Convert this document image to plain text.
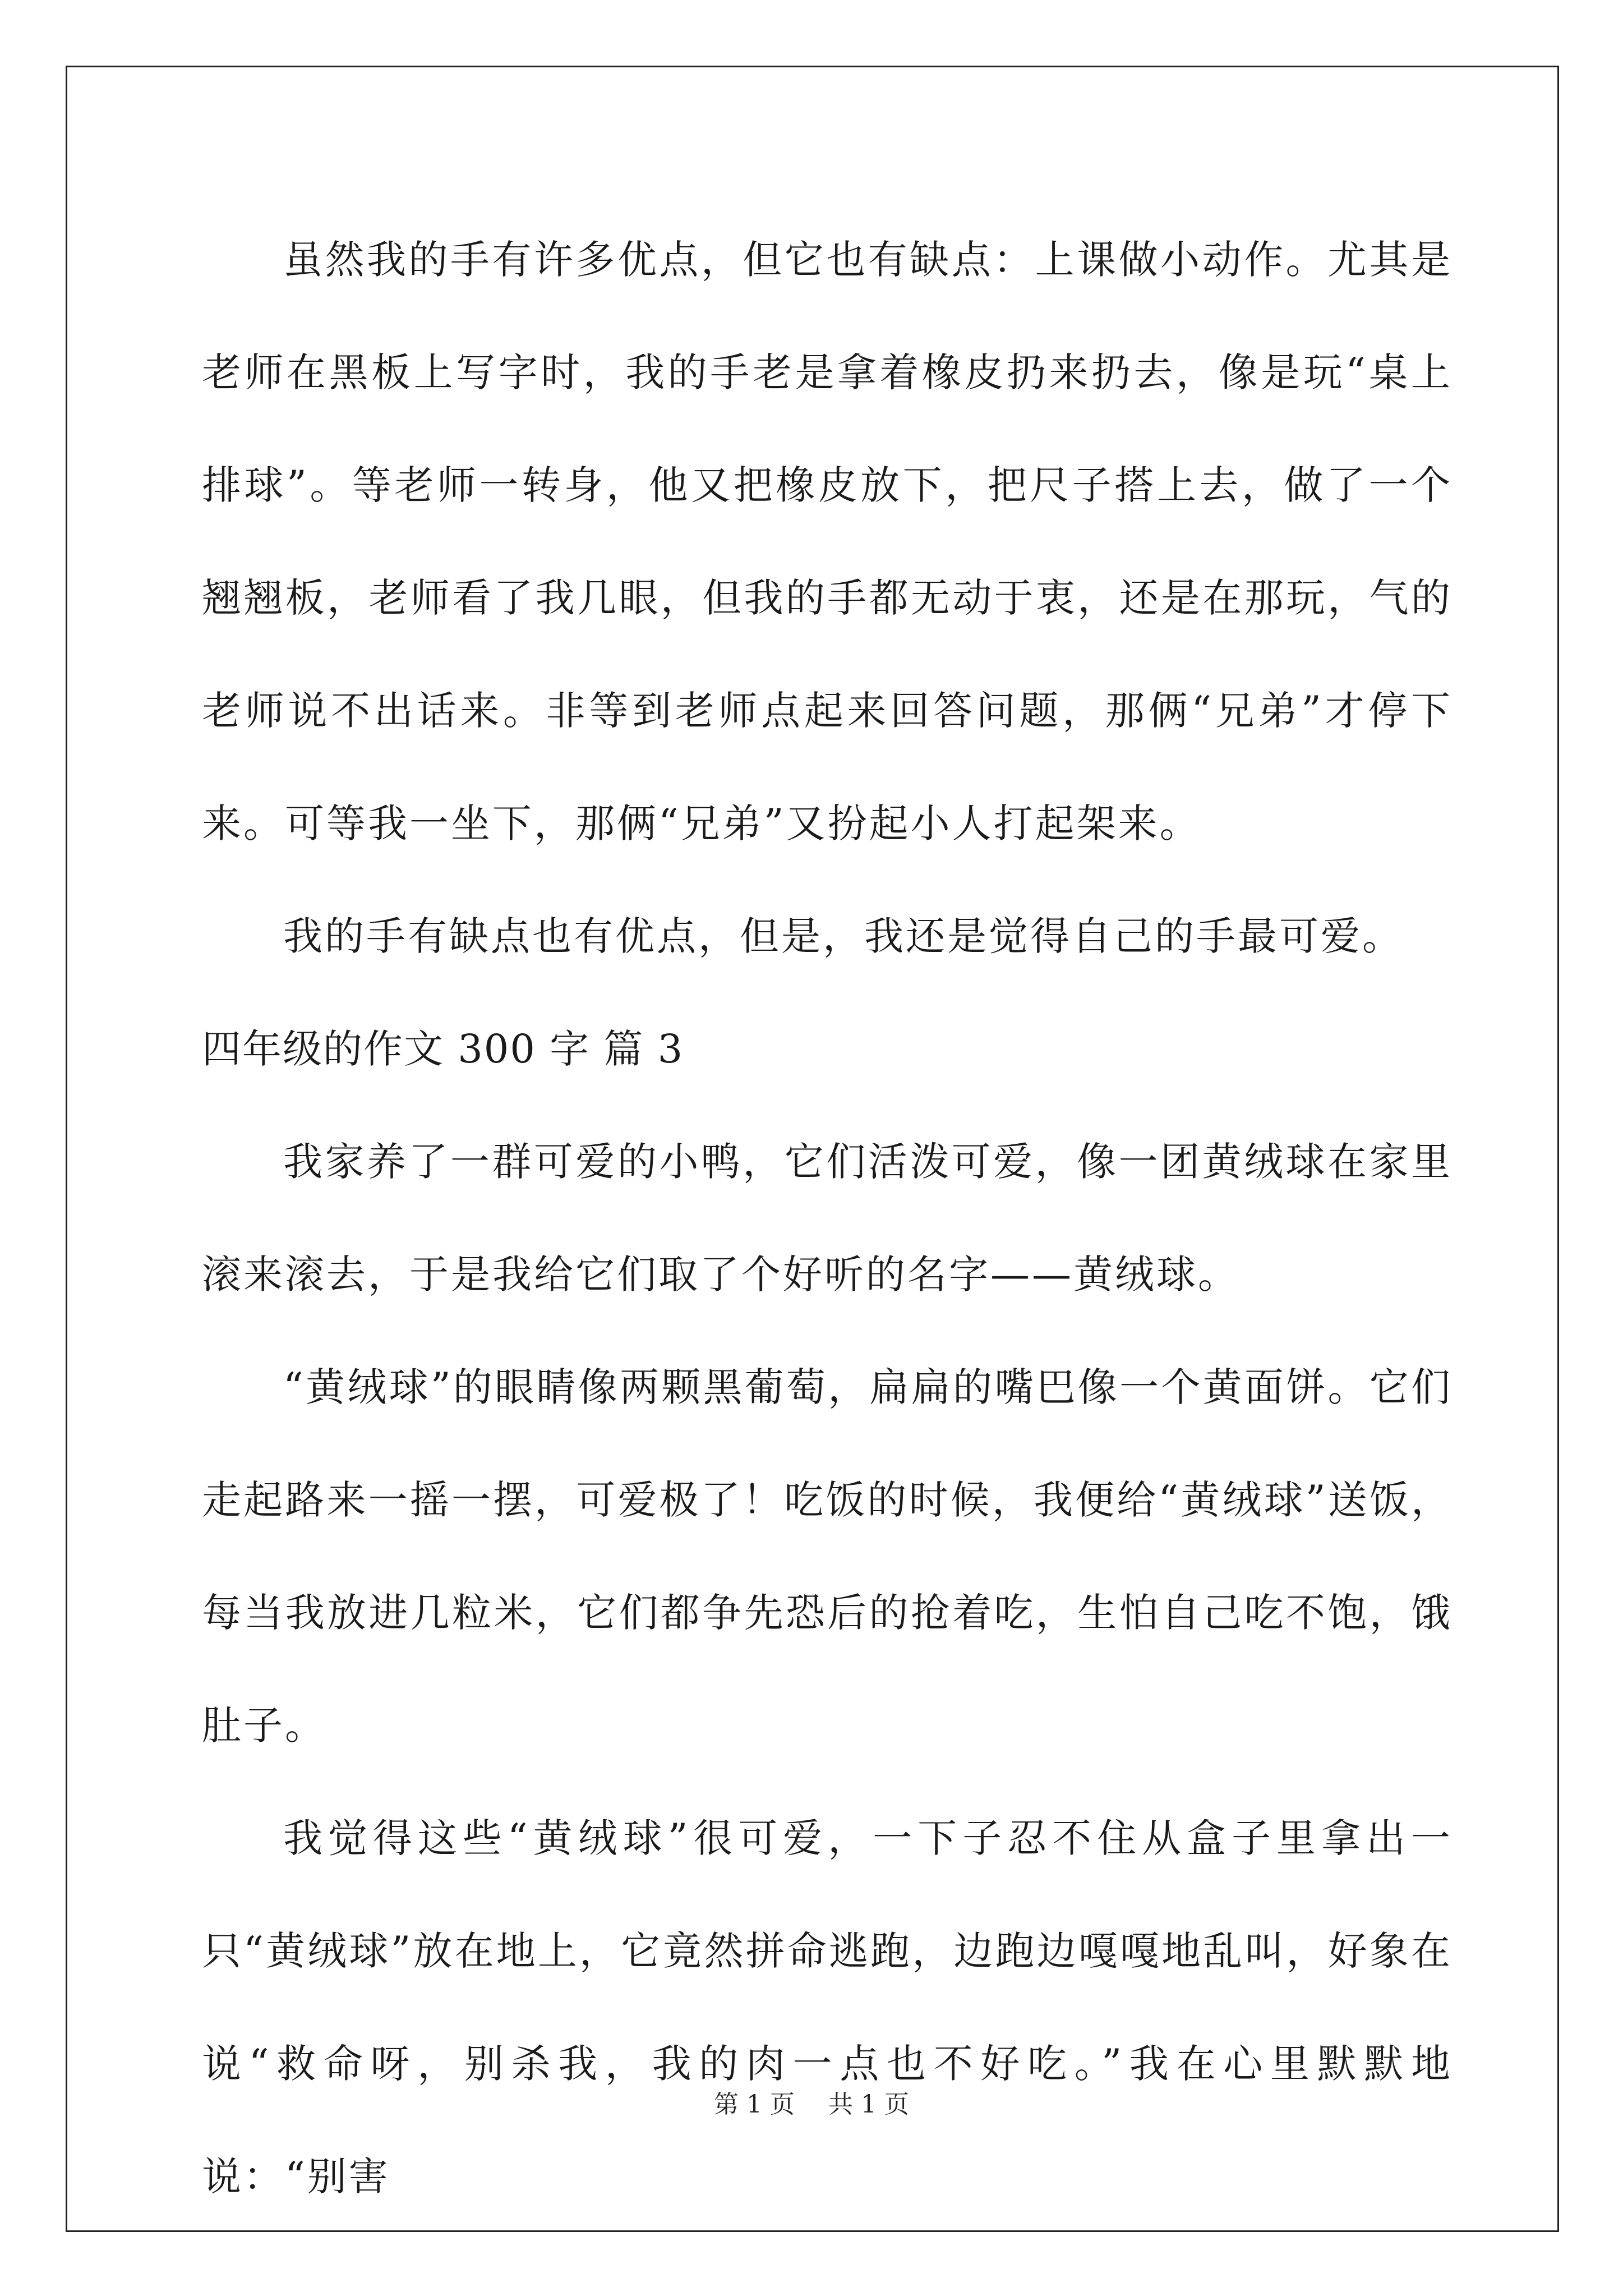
虽然我的手有许多优点，但它也有缺点：上课做小动作。尤其是老师在黑板上写字时，我的手老是拿着橡皮扔来扔去，像是玩“桌上排球”。等老师一转身，他又把橡皮放下，把尺子搭上去，做了一个翘翘板，老师看了我几眼，但我的手都无动于衷，还是在那玩，气的老师说不出话来。非等到老师点起来回答问题，那俩“兄弟”才停下来。可等我一坐下，那俩“兄弟”又扮起小人打起架来。

我的手有缺点也有优点，但是，我还是觉得自己的手最可爱。

四年级的作文 300 字 篇 3

我家养了一群可爱的小鸭，它们活泼可爱，像一团黄绒球在家里滚来滚去，于是我给它们取了个好听的名字——黄绒球。

“黄绒球”的眼睛像两颗黑葡萄，扁扁的嘴巴像一个黄面饼。它们走起路来一摇一摆，可爱极了！吃饭的时候，我便给“黄绒球”送饭，每当我放进几粒米，它们都争先恐后的抢着吃，生怕自己吃不饱，饿肚子。

我觉得这些“黄绒球”很可爱，一下子忍不住从盒子里拿出一只“黄绒球”放在地上，它竟然拼命逃跑，边跑边嘎嘎地乱叫，好象在说“救命呀，别杀我，我的肉一点也不好吃。”我在心里默默地说：“别害

第 1 页 共 1 页
